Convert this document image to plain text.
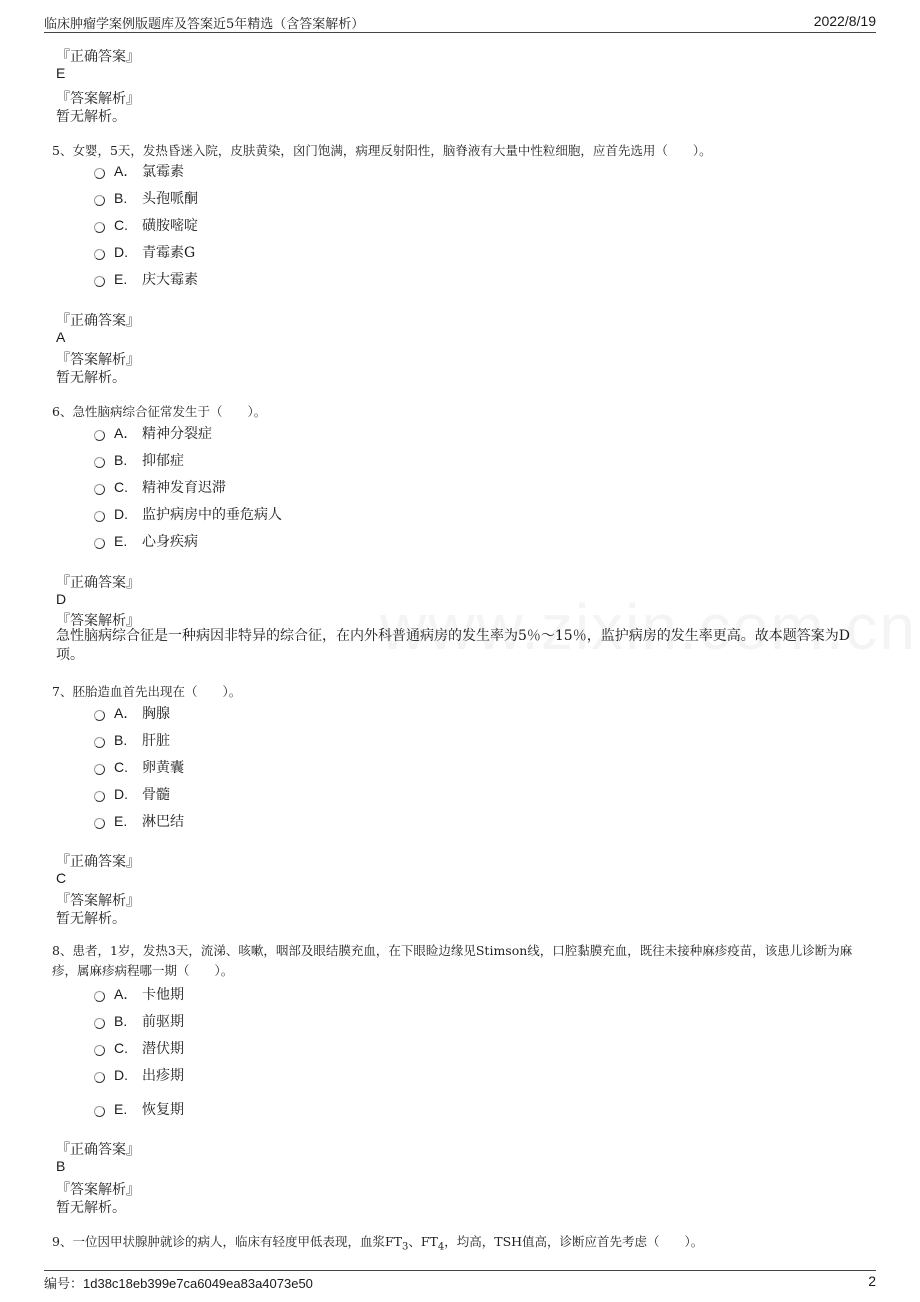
临床肿瘤学案例版题库及答案近5年精选（含答案解析）	2022/8/19
『正确答案』
E
『答案解析』
暂无解析。
5、女婴，5天，发热昏迷入院，皮肤黄染，囟门饱满，病理反射阳性，脑脊液有大量中性粒细胞，应首先选用（　　）。
A． 氯霉素
B.	头孢哌酮
C.	磺胺嘧啶
D.	青霉素G
E.	庆大霉素
『正确答案』
A
『答案解析』
暂无解析。
6、急性脑病综合征常发生于（　　）。
A． 精神分裂症
B.	抑郁症
C.	精神发育迟滞
D.	监护病房中的垂危病人
E.	心身疾病
『正确答案』
D
『答案解析』
急性脑病综合征是一种病因非特异的综合征，在内外科普通病房的发生率为5％～15％，监护病房的发生率更高。故本题答案为D项。
7、胚胎造血首先出现在（　　）。
A． 胸腺
B.	肝脏
C.	卵黄囊
D.	骨髓
E.	淋巴结
『正确答案』
C
『答案解析』
暂无解析。
8、患者，1岁，发热3天，流涕、咳嗽，咽部及眼结膜充血，在下眼睑边缘见Stimson线，口腔黏膜充血，既往未接种麻疹疫苗，该患儿诊断为麻疹，属麻疹病程哪一期（　　）。
A． 卡他期
B.	前驱期
C.	潜伏期
D.	出疹期
E.	恢复期
『正确答案』
B
『答案解析』
暂无解析。
9、一位因甲状腺肿就诊的病人，临床有轻度甲低表现，血浆$FT_3$、$FT_4$，均高，TSH值高，诊断应首先考虑（　　）。
编号：1d38c18eb399e7ca6049ea83a4073e50	2
